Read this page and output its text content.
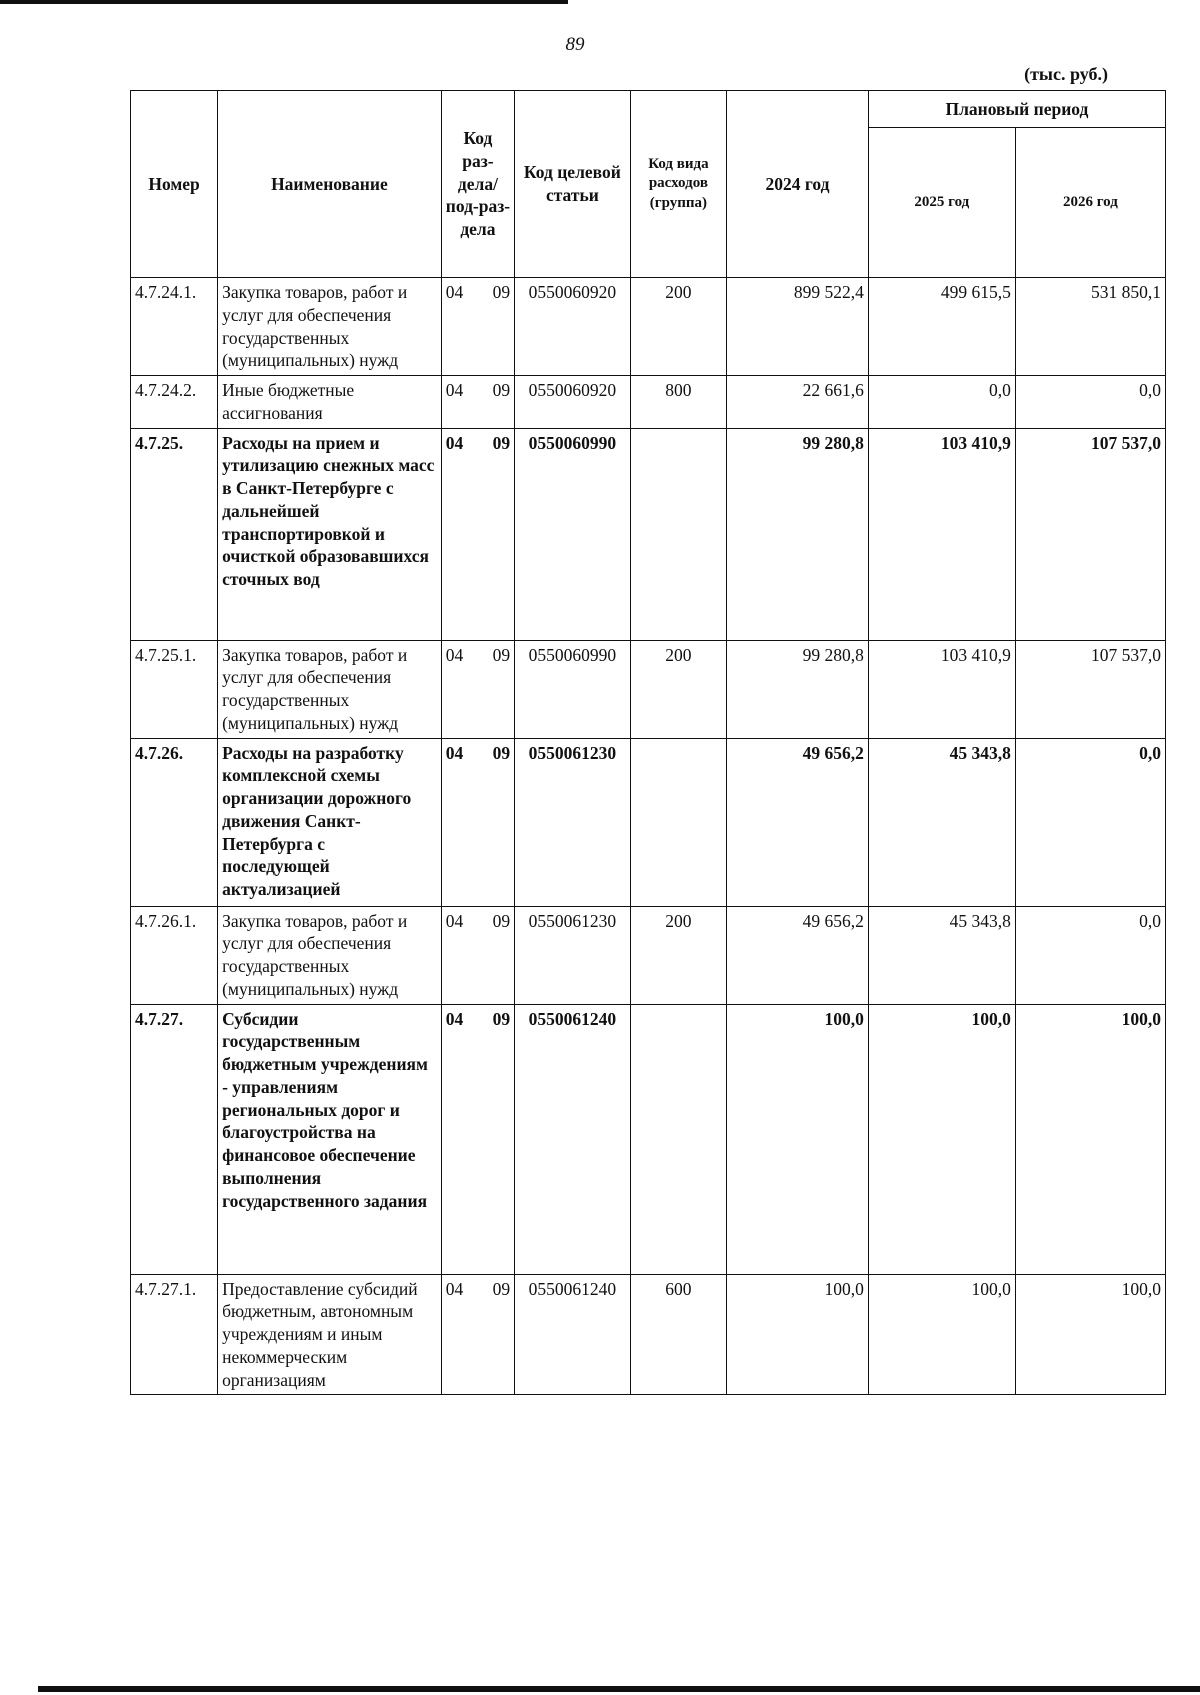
89
(тыс. руб.)
Номер	Наименование	Код раз-дела/ под-раз-дела	Код целевой статьи	Код вида расходов (группа)	2024 год	Плановый период	
						2025 год	2026 год
4.7.24.1.	Закупка товаров, работ и услуг для обеспечения государственных (муниципальных) нужд	04 09	0550060920	200	899 522,4	499 615,5	531 850,1
4.7.24.2.	Иные бюджетные ассигнования	04 09	0550060920	800	22 661,6	0,0	0,0
4.7.25.	Расходы на прием и утилизацию снежных масс в Санкт-Петербурге с дальнейшей транспортировкой и очисткой образовавшихся сточных вод	04 09	0550060990		99 280,8	103 410,9	107 537,0
4.7.25.1.	Закупка товаров, работ и услуг для обеспечения государственных (муниципальных) нужд	04 09	0550060990	200	99 280,8	103 410,9	107 537,0
4.7.26.	Расходы на разработку комплексной схемы организации дорожного движения Санкт-Петербурга с последующей актуализацией	04 09	0550061230		49 656,2	45 343,8	0,0
4.7.26.1.	Закупка товаров, работ и услуг для обеспечения государственных (муниципальных) нужд	04 09	0550061230	200	49 656,2	45 343,8	0,0
4.7.27.	Субсидии государственным бюджетным учреждениям - управлениям региональных дорог и благоустройства на финансовое обеспечение выполнения государственного задания	04 09	0550061240		100,0	100,0	100,0
4.7.27.1.	Предоставление субсидий бюджетным, автономным учреждениям и иным некоммерческим организациям	04 09	0550061240	600	100,0	100,0	100,0
